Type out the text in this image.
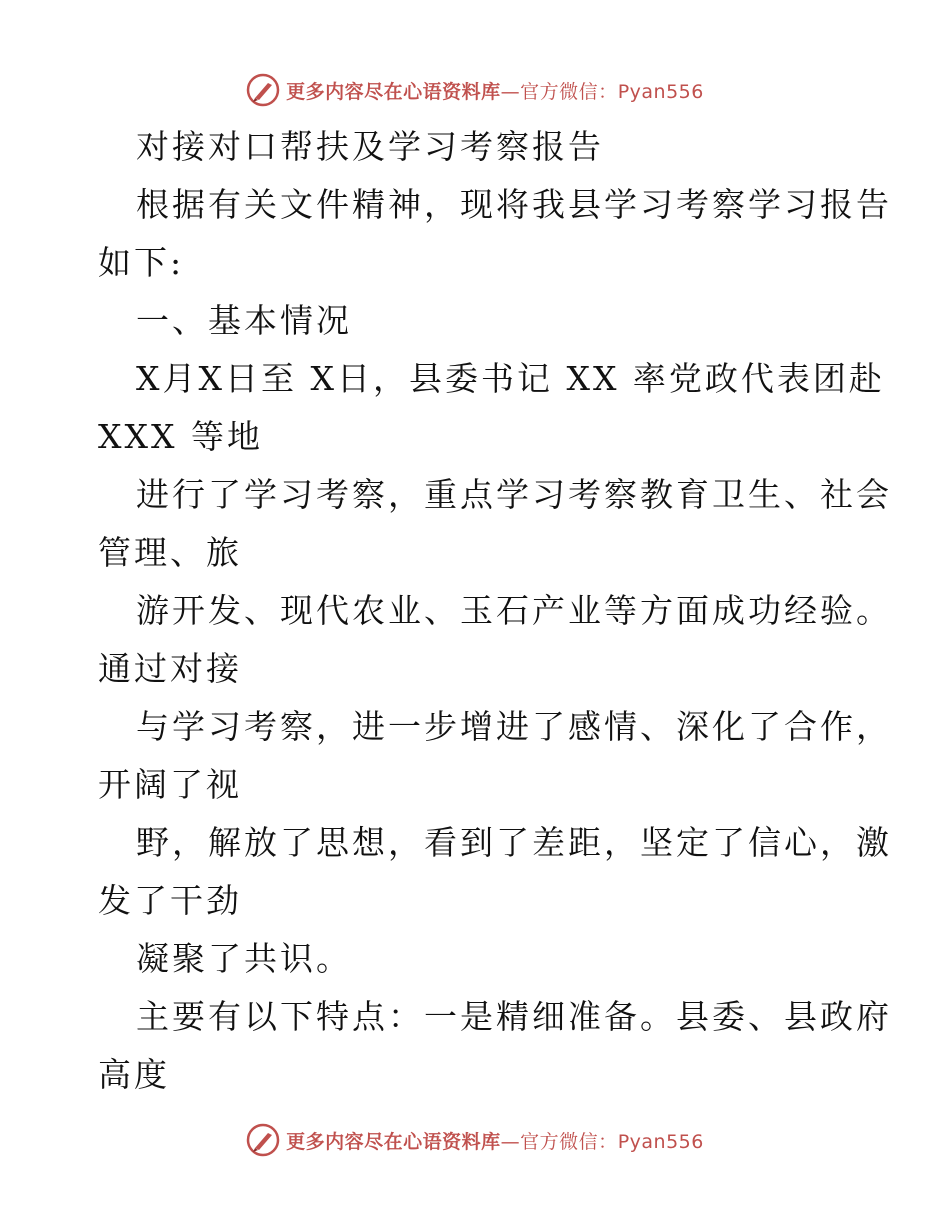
更多内容尽在心语资料库—官方微信：Pyan556
对接对口帮扶及学习考察报告
根据有关文件精神，现将我县学习考察学习报告
如下:
一、基本情况
X月X日至 X日，县委书记 XX 率党政代表团赴
XXX 等地
进行了学习考察，重点学习考察教育卫生、社会
管理、旅
游开发、现代农业、玉石产业等方面成功经验。
通过对接
与学习考察，进一步增进了感情、深化了合作，
开阔了视
野，解放了思想，看到了差距，坚定了信心，激
发了干劲
凝聚了共识。
主要有以下特点：一是精细准备。县委、县政府
高度
更多内容尽在心语资料库—官方微信：Pyan556
